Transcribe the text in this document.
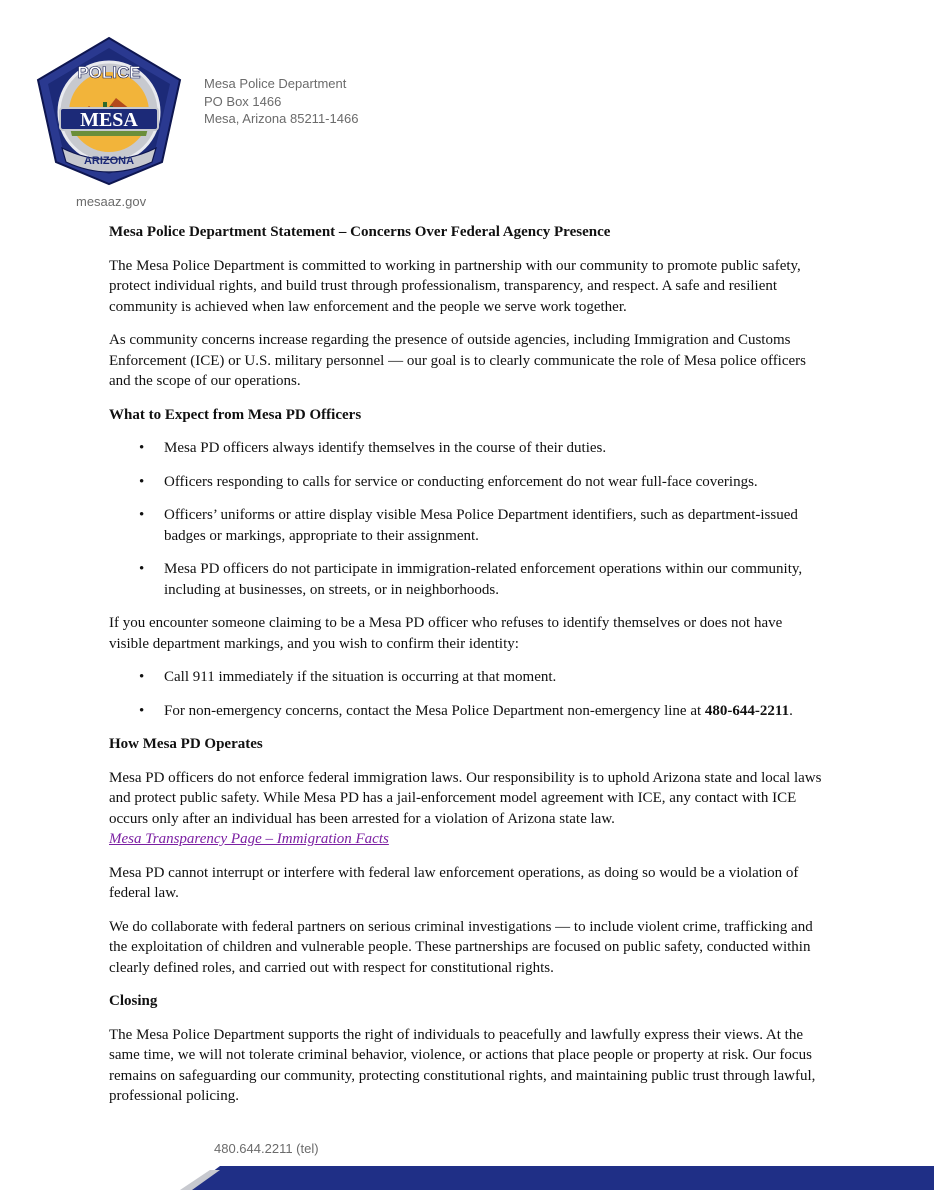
POLICE
MESA
ARIZONA
Mesa Police Department
PO Box 1466
Mesa, Arizona 85211-1466
mesaaz.gov
Mesa Police Department Statement – Concerns Over Federal Agency Presence

The Mesa Police Department is committed to working in partnership with our community to promote public safety, protect individual rights, and build trust through professionalism, transparency, and respect. A safe and resilient community is achieved when law enforcement and the people we serve work together.

As community concerns increase regarding the presence of outside agencies, including Immigration and Customs Enforcement (ICE) or U.S. military personnel — our goal is to clearly communicate the role of Mesa police officers and the scope of our operations.

What to Expect from Mesa PD Officers
• Mesa PD officers always identify themselves in the course of their duties.
• Officers responding to calls for service or conducting enforcement do not wear full-face coverings.
• Officers’ uniforms or attire display visible Mesa Police Department identifiers, such as department-issued badges or markings, appropriate to their assignment.
• Mesa PD officers do not participate in immigration-related enforcement operations within our community, including at businesses, on streets, or in neighborhoods.

If you encounter someone claiming to be a Mesa PD officer who refuses to identify themselves or does not have visible department markings, and you wish to confirm their identity:

• Call 911 immediately if the situation is occurring at that moment.
• For non-emergency concerns, contact the Mesa Police Department non-emergency line at 480-644-2211.
How Mesa PD Operates

Mesa PD officers do not enforce federal immigration laws. Our responsibility is to uphold Arizona state and local laws and protect public safety. While Mesa PD has a jail-enforcement model agreement with ICE, any contact with ICE occurs only after an individual has been arrested for a violation of Arizona state law.
Mesa Transparency Page – Immigration Facts

Mesa PD cannot interrupt or interfere with federal law enforcement operations, as doing so would be a violation of federal law.

We do collaborate with federal partners on serious criminal investigations — to include violent crime, trafficking and the exploitation of children and vulnerable people. These partnerships are focused on public safety, conducted within clearly defined roles, and carried out with respect for constitutional rights.

Closing

The Mesa Police Department supports the right of individuals to peacefully and lawfully express their views. At the same time, we will not tolerate criminal behavior, violence, or actions that place people or property at risk. Our focus remains on safeguarding our community, protecting constitutional rights, and maintaining public trust through lawful, professional policing.

480.644.2211 (tel)
